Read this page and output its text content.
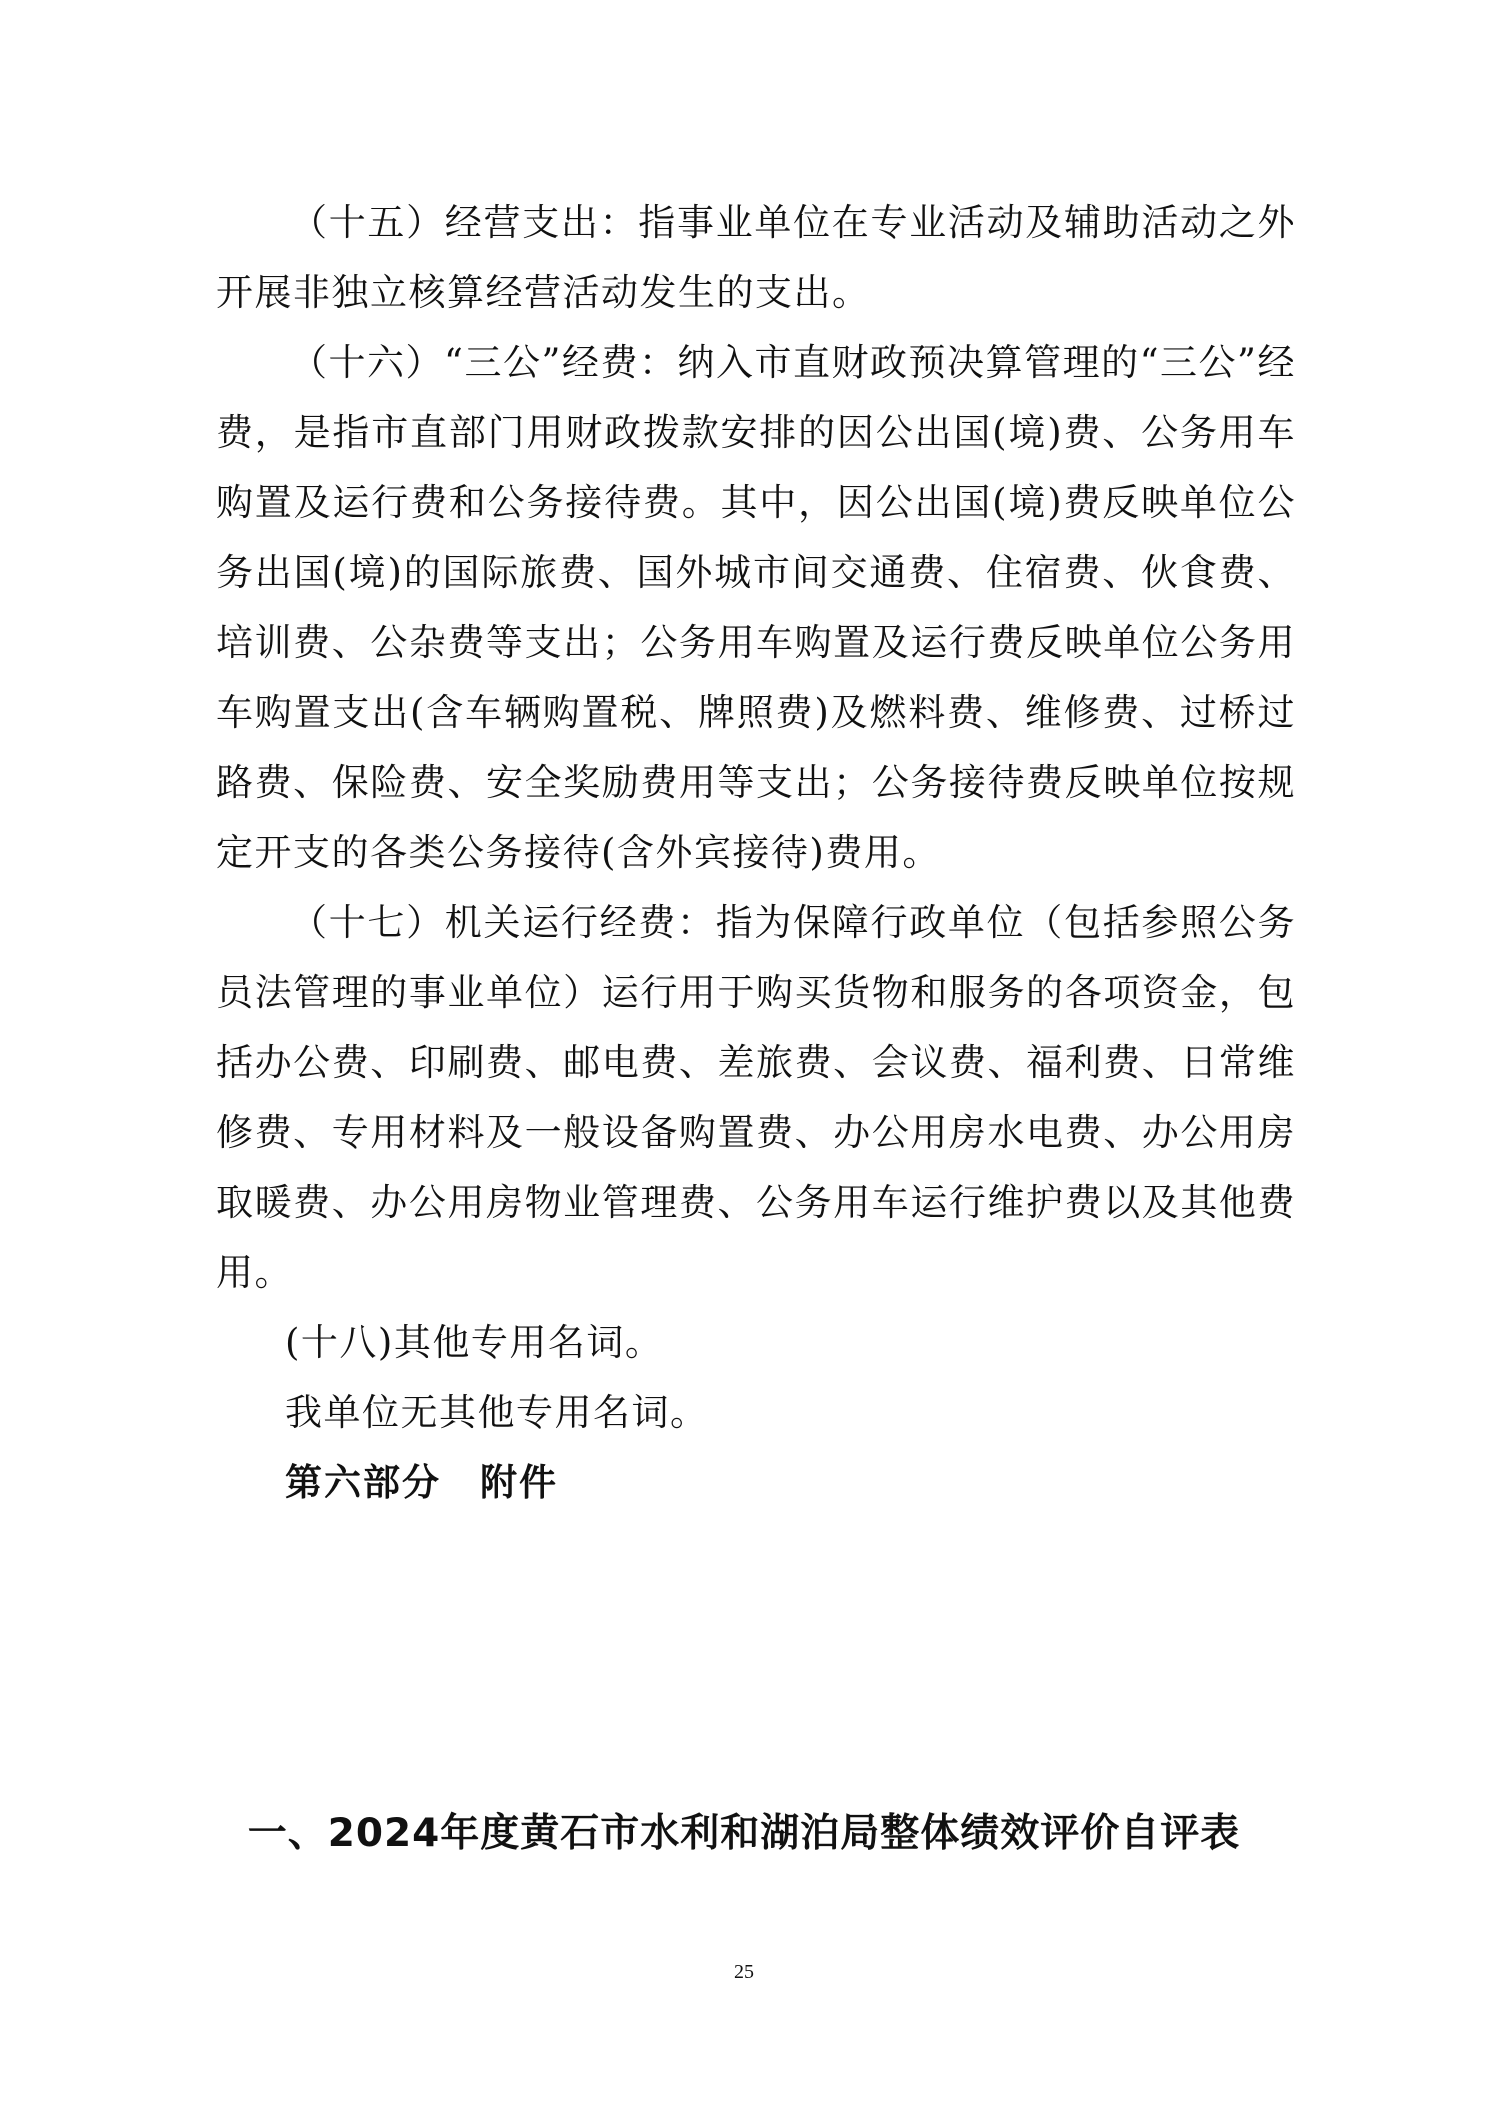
（十五）经营支出：指事业单位在专业活动及辅助活动之外开展非独立核算经营活动发生的支出。

（十六）“三公”经费：纳入市直财政预决算管理的“三公”经费，是指市直部门用财政拨款安排的因公出国(境)费、公务用车购置及运行费和公务接待费。其中，因公出国(境)费反映单位公务出国(境)的国际旅费、国外城市间交通费、住宿费、伙食费、培训费、公杂费等支出；公务用车购置及运行费反映单位公务用车购置支出(含车辆购置税、牌照费)及燃料费、维修费、过桥过路费、保险费、安全奖励费用等支出；公务接待费反映单位按规定开支的各类公务接待(含外宾接待)费用。

（十七）机关运行经费：指为保障行政单位（包括参照公务员法管理的事业单位）运行用于购买货物和服务的各项资金，包括办公费、印刷费、邮电费、差旅费、会议费、福利费、日常维修费、专用材料及一般设备购置费、办公用房水电费、办公用房取暖费、办公用房物业管理费、公务用车运行维护费以及其他费用。

(十八)其他专用名词。

我单位无其他专用名词。

第六部分　附件

一、2024年度黄石市水利和湖泊局整体绩效评价自评表

25
